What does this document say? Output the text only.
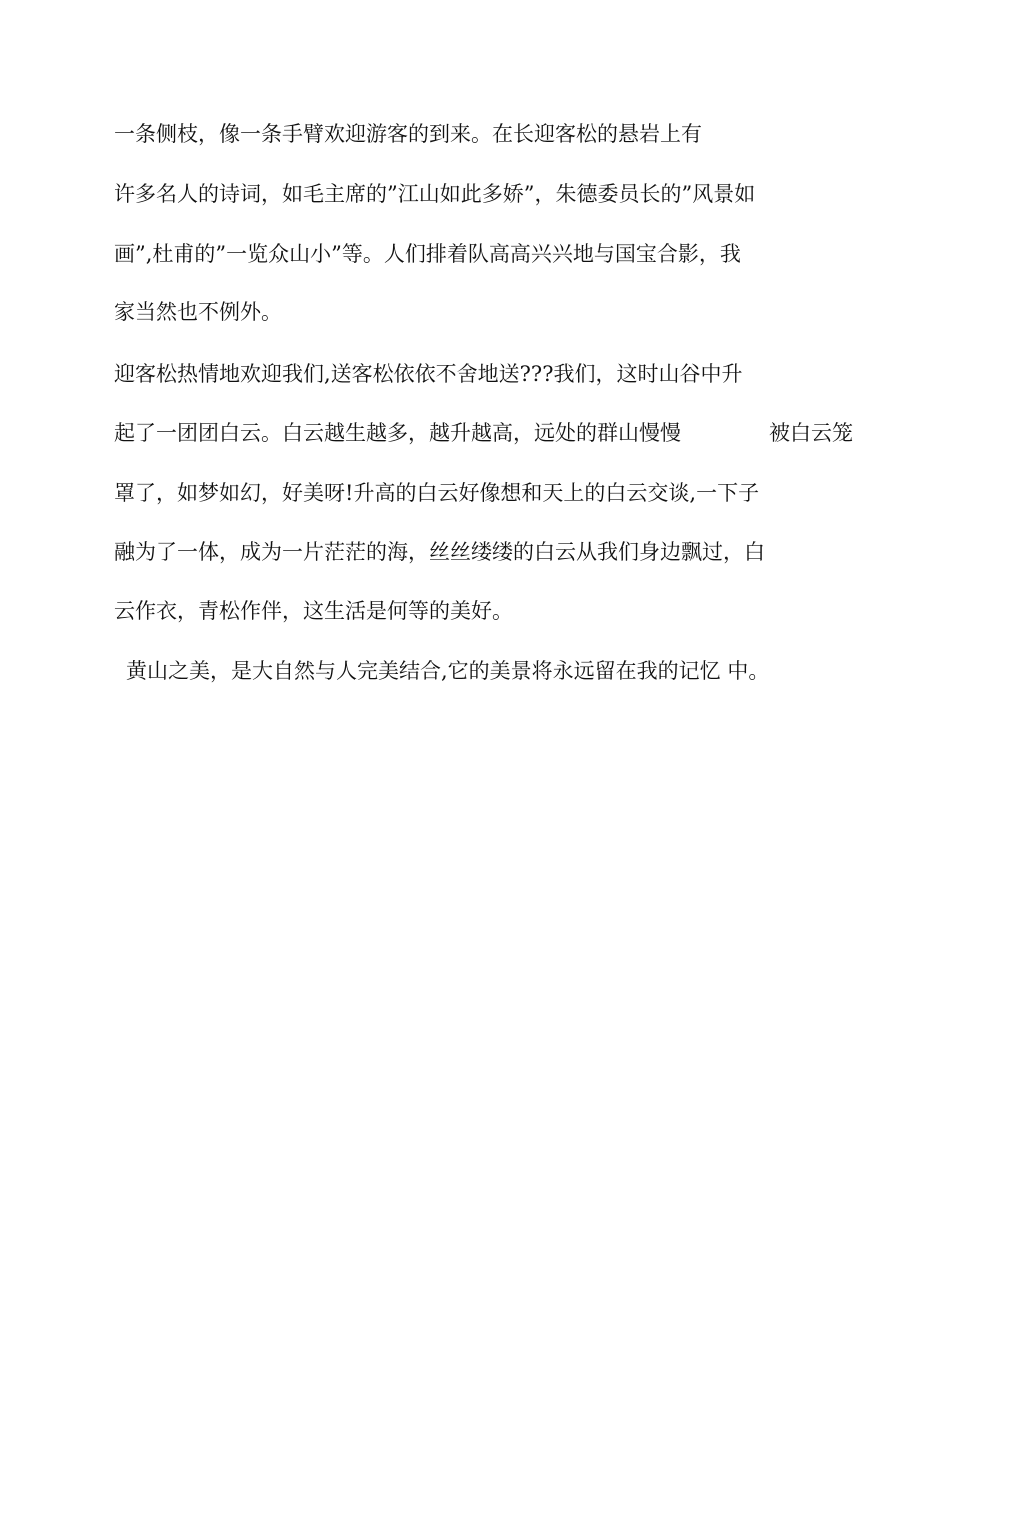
一条侧枝，像一条手臂欢迎游客的到来。在长迎客松的悬岩上有
许多名人的诗词，如毛主席的”江山如此多娇”，朱德委员长的”风景如
画”,杜甫的”一览众山小”等。人们排着队高高兴兴地与国宝合影，我
家当然也不例外。
迎客松热情地欢迎我们,送客松依依不舍地送???我们，这时山谷中升
起了一团团白云。白云越生越多，越升越高，远处的群山慢慢	被白云笼
罩了，如梦如幻，好美呀!升高的白云好像想和天上的白云交谈,一下子
融为了一体，成为一片茫茫的海，丝丝缕缕的白云从我们身边飘过，白
云作衣，青松作伴，这生活是何等的美好。
黄山之美，是大自然与人完美结合,它的美景将永远留在我的记忆 中。
